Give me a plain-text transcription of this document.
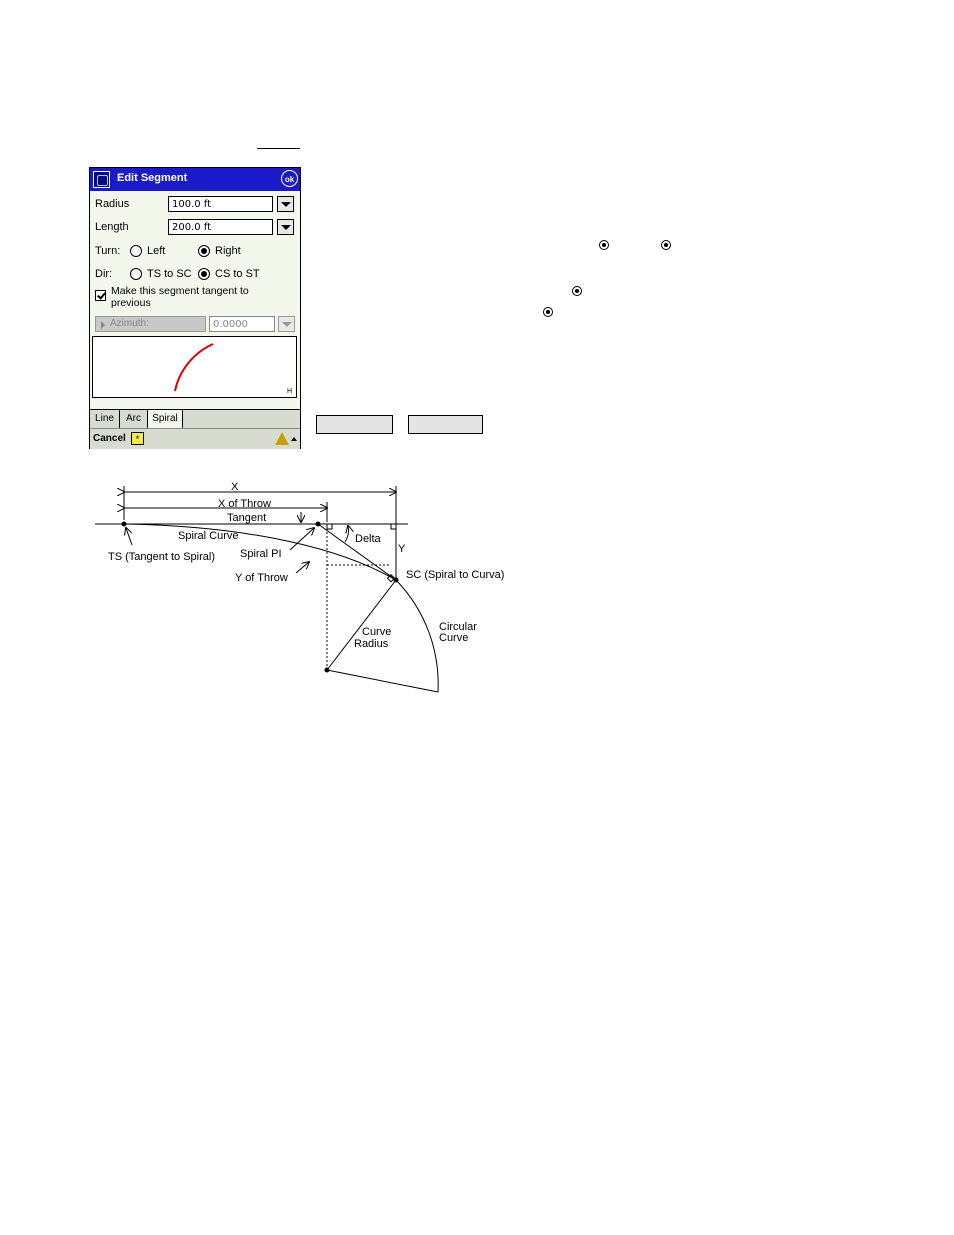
Edit Segment	ok
Radius	100.0 ft
Length	200.0 ft
Turn: Left	Right
Dir:	TS to SC CS to ST
Make this segment tangent to previous
Azimuth:	0.0000
H
Line	Arc	Spiral
Cancel	*
X
X of Throw
Tangent
Spiral Curve
TS (Tangent to Spiral) Spiral PI
Delta
Y
Y of Throw	SC (Spiral to Curva)
Curve
Radius
Circular
Curve
